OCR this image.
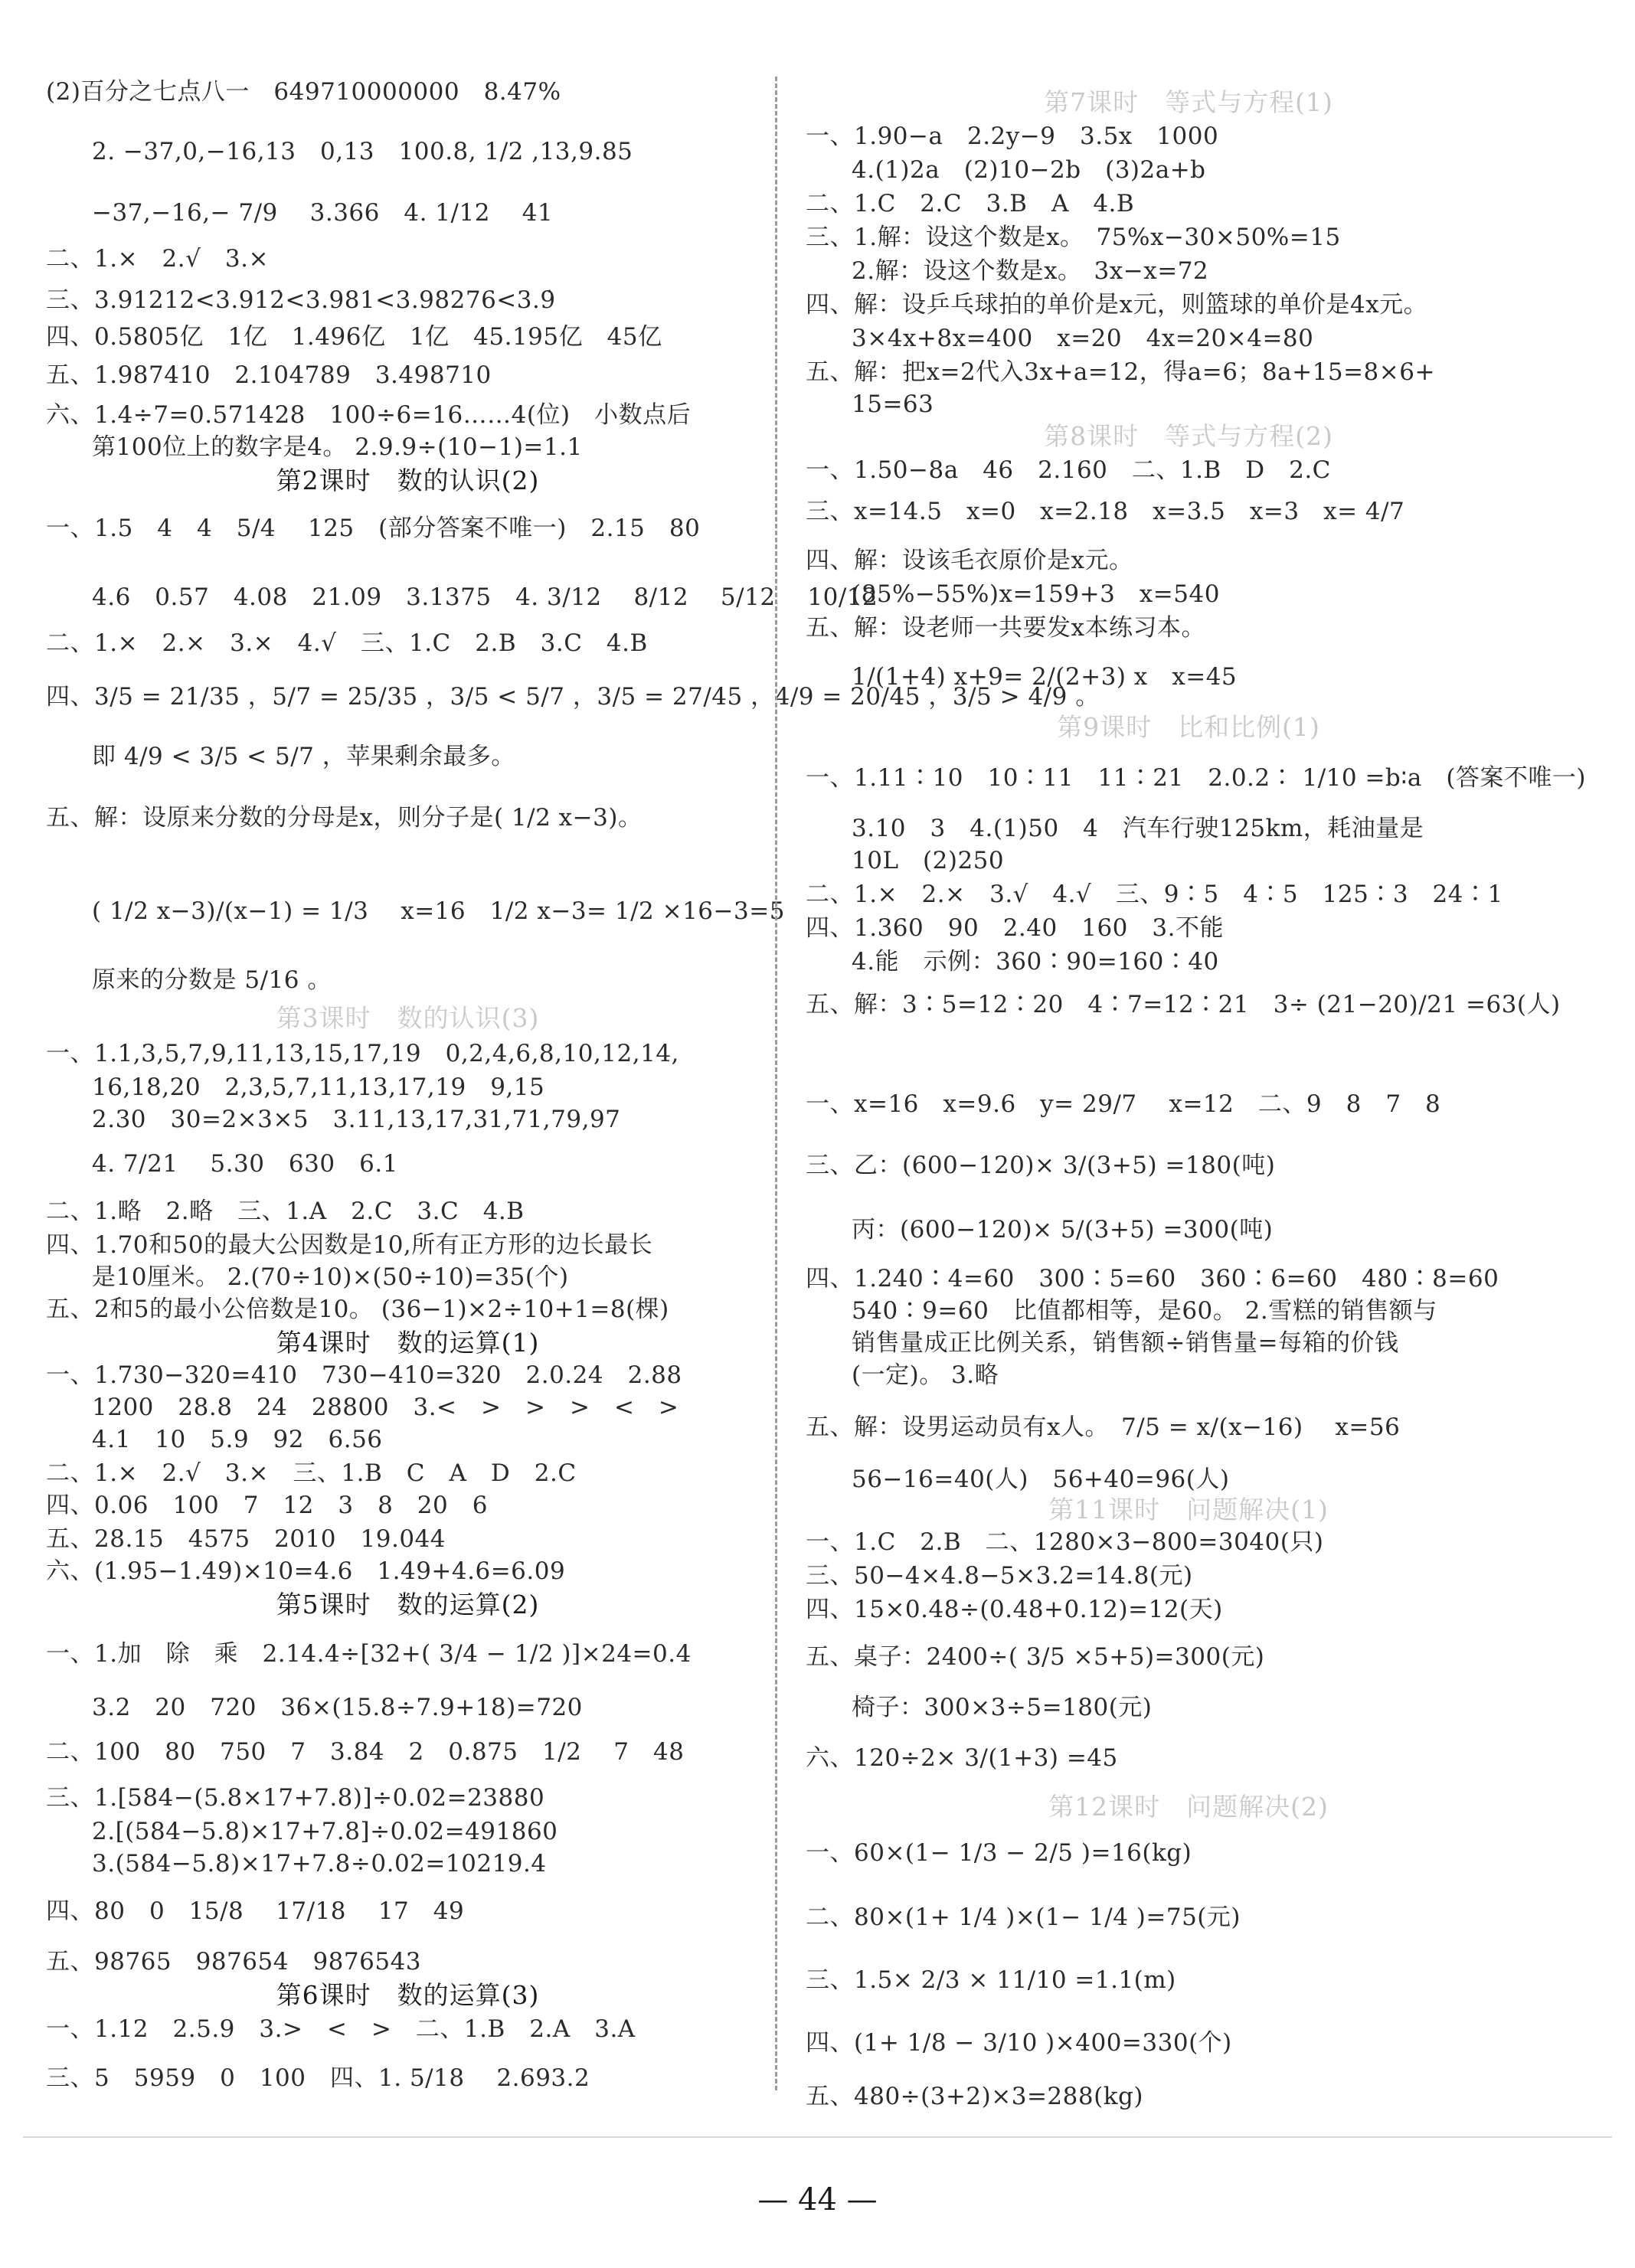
(2)百分之七点八一　649710000000　8.47%
2. −37,0,−16,13　0,13　100.8, 1/2 ,13,9.85
−37,−16,− 7/9 　3.366　4. 1/12 　41
二、1.×　2.√　3.×
三、3.91212<3.912̇<3.981<3.98276<3.9̇
四、0.5805亿　1亿　1.496亿　1亿　45.195亿　45亿
五、1.987410　2.104789　3.498710
六、1.4÷7=0.571428　100÷6=16……4(位)　小数点后
第100位上的数字是4。 2.9.9÷(10−1)=1.1
第2课时　数的认识(2)
一、1.5　4　4　5/4 　125　(部分答案不唯一)　2.15　80
4.6　0.57　4.08　21.09　3.1375　4. 3/12 　8/12 　5/12 　10/12
二、1.×　2.×　3.×　4.√　三、1.C　2.B　3.C　4.B
四、3/5 = 21/35 ，5/7 = 25/35 ，3/5 < 5/7 ，3/5 = 27/45 ，4/9 = 20/45 ，3/5 > 4/9 。
即 4/9 < 3/5 < 5/7 ，苹果剩余最多。
五、解：设原来分数的分母是x，则分子是( 1/2 x−3)。
( 1/2 x−3)/(x−1) = 1/3 　x=16　1/2 x−3= 1/2 ×16−3=5
原来的分数是 5/16 。
第3课时　数的认识(3)
一、1.1,3,5,7,9,11,13,15,17,19　0,2,4,6,8,10,12,14,
16,18,20　2,3,5,7,11,13,17,19　9,15
2.30　30=2×3×5　3.11,13,17,31,71,79,97
4. 7/21 　5.30　630　6.1
二、1.略　2.略　三、1.A　2.C　3.C　4.B
四、1.70和50的最大公因数是10,所有正方形的边长最长
是10厘米。 2.(70÷10)×(50÷10)=35(个)
五、2和5的最小公倍数是10。 (36−1)×2÷10+1=8(棵)
第4课时　数的运算(1)
一、1.730−320=410　730−410=320　2.0.24　2.88
1200　28.8　24　28800　3.<　>　>　>　<　>
4.1　10　5.9　92　6.56
二、1.×　2.√　3.×　三、1.B　C　A　D　2.C
四、0.06　100　7　12　3　8　20　6
五、28.15　4575　2010　19.044
六、(1.95−1.49)×10=4.6　1.49+4.6=6.09
第5课时　数的运算(2)
一、1.加　除　乘　2.14.4÷[32+( 3/4 − 1/2 )]×24=0.4
3.2　20　720　36×(15.8÷7.9+18)=720
二、100　80　750　7　3.84　2　0.875　1/2 　7　48
三、1.[584−(5.8×17+7.8)]÷0.02=23880
2.[(584−5.8)×17+7.8]÷0.02=491860
3.(584−5.8)×17+7.8÷0.02=10219.4
四、80　0　15/8 　17/18 　17　49
五、98765　987654　9876543
第6课时　数的运算(3)
一、1.12　2.5.9　3.>　<　>　二、1.B　2.A　3.A
三、5　5959　0　100　四、1. 5/18 　2.693.2
第7课时　等式与方程(1)
一、1.90−a　2.2y−9　3.5x　1000
4.(1)2a　(2)10−2b　(3)2a+b
二、1.C　2.C　3.B　A　4.B
三、1.解：设这个数是x。　75%x−30×50%=15
2.解：设这个数是x。　3x−x=72
四、解：设乒乓球拍的单价是x元，则篮球的单价是4x元。
3×4x+8x=400　x=20　4x=20×4=80
五、解：把x=2代入3x+a=12，得a=6；8a+15=8×6+
15=63
第8课时　等式与方程(2)
一、1.50−8a　46　2.160　二、1.B　D　2.C
三、x=14.5　x=0　x=2.18　x=3.5　x=3　x= 4/7
四、解：设该毛衣原价是x元。
(85%−55%)x=159+3　x=540
五、解：设老师一共要发x本练习本。
1/(1+4) x+9= 2/(2+3) x　x=45
第9课时　比和比例(1)
一、1.11∶10　10∶11　11∶21　2.0.2∶ 1/10 =b∶a　(答案不唯一)
3.10　3　4.(1)50　4　汽车行驶125km，耗油量是
10L　(2)250
二、1.×　2.×　3.√　4.√　三、9∶5　4∶5　125∶3　24∶1
四、1.360　90　2.40　160　3.不能
4.能　示例：360∶90=160∶40
五、解：3∶5=12∶20　4∶7=12∶21　3÷ (21−20)/21 =63(人)
一、x=16　x=9.6　y= 29/7 　x=12　二、9　8　7　8
三、乙：(600−120)× 3/(3+5) =180(吨)
丙：(600−120)× 5/(3+5) =300(吨)
四、1.240∶4=60　300∶5=60　360∶6=60　480∶8=60
540∶9=60　比值都相等，是60。 2.雪糕的销售额与
销售量成正比例关系，销售额÷销售量=每箱的价钱
(一定)。 3.略
五、解：设男运动员有x人。　7/5 = x/(x−16) 　x=56
56−16=40(人)　56+40=96(人)
第11课时　问题解决(1)
一、1.C　2.B　二、1280×3−800=3040(只)
三、50−4×4.8−5×3.2=14.8(元)
四、15×0.48÷(0.48+0.12)=12(天)
五、桌子：2400÷( 3/5 ×5+5)=300(元)
椅子：300×3÷5=180(元)
六、120÷2× 3/(1+3) =45
第12课时　问题解决(2)
一、60×(1− 1/3 − 2/5 )=16(kg)
二、80×(1+ 1/4 )×(1− 1/4 )=75(元)
三、1.5× 2/3 × 11/10 =1.1(m)
四、(1+ 1/8 − 3/10 )×400=330(个)
五、480÷(3+2)×3=288(kg)
— 44 —
